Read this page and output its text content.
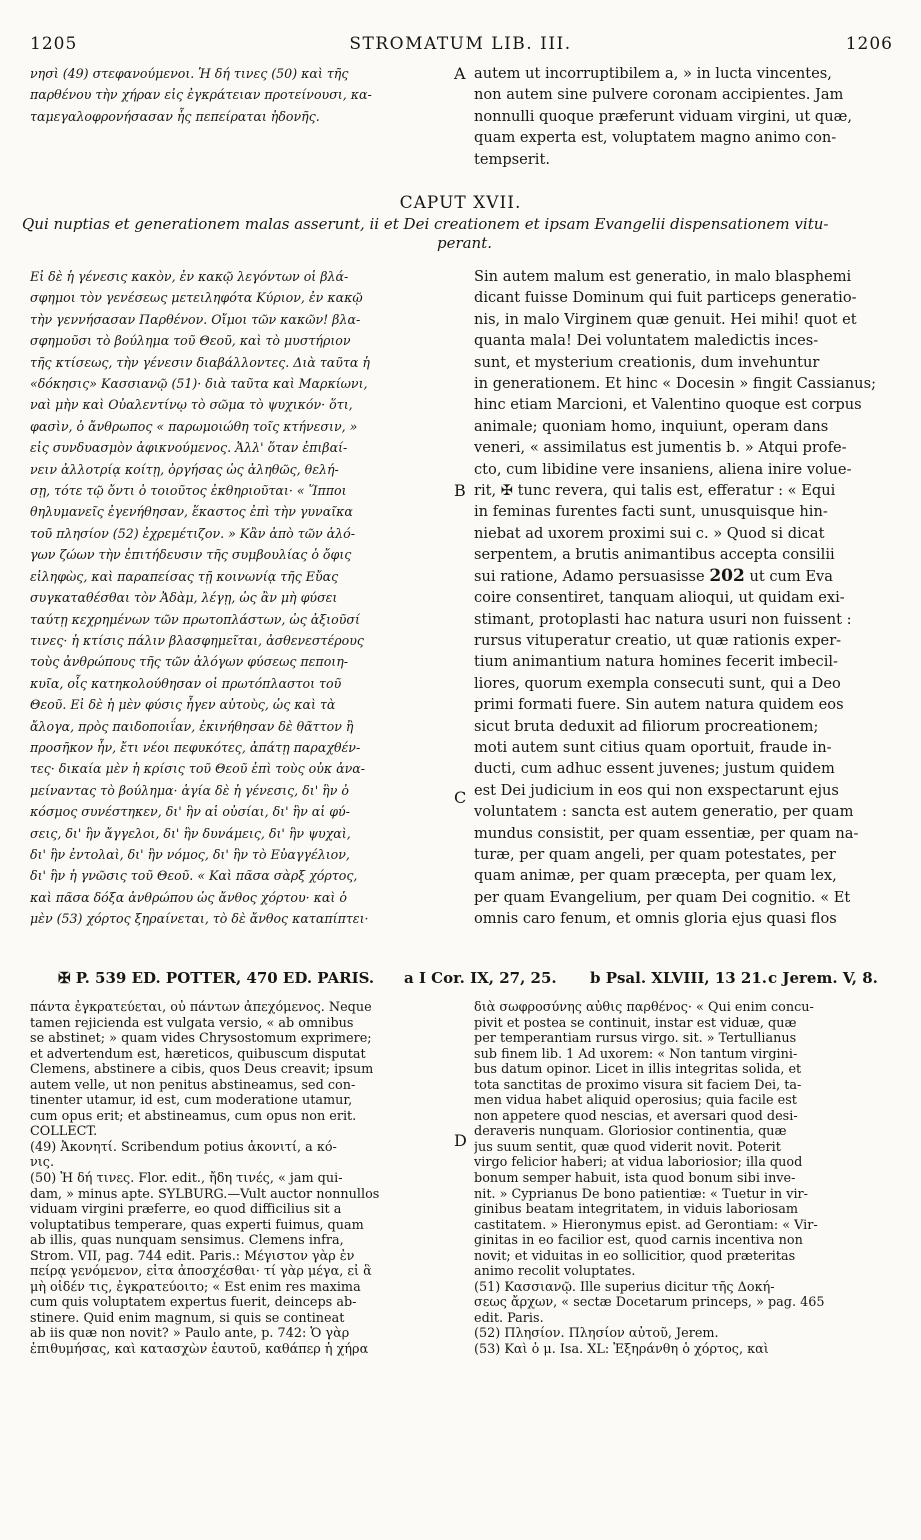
1205	STROMATUM LIB. III.	1206
νησὶ (49) στεφανούμενοι. Ἡ δή τινες (50) καὶ τῆς
παρθένου τὴν χήραν εἰς ἐγκράτειαν προτείνουσι, κα-
ταμεγαλοφρονήσασαν ἧς πεπείραται ἡδονῆς.
A autem ut incorruptibilem a, » in lucta vincentes,
non autem sine pulvere coronam accipientes. Jam
nonnulli quoque præferunt viduam virgini, ut quæ,
quam experta est, voluptatem magno animo con-
tempserit.
CAPUT XVII.
Qui nuptias et generationem malas asserunt, ii et Dei creationem et ipsam Evangelii dispensationem vitu-
perant.
Εἰ δὲ ἡ γένεσις κακὸν, ἐν κακῷ λεγόντων οἱ βλά-
σφημοι τὸν γενέσεως μετειληφότα Κύριον, ἐν κακῷ
τὴν γεννήσασαν Παρθένον. Οἴμοι τῶν κακῶν! βλα-
σφημοῦσι τὸ βούλημα τοῦ Θεοῦ, καὶ τὸ μυστήριον
τῆς κτίσεως, τὴν γένεσιν διαβάλλοντες. Διὰ ταῦτα ἡ
«δόκησις» Κασσιανῷ (51)· διὰ ταῦτα καὶ Μαρκίωνι,
ναὶ μὴν καὶ Οὐαλεντίνῳ τὸ σῶμα τὸ ψυχικόν· ὅτι,
φασὶν, ὁ ἄνθρωπος « παρωμοιώθη τοῖς κτήνεσιν, »
εἰς συνδυασμὸν ἀφικνούμενος. Ἀλλ' ὅταν ἐπιβαί-
νειν ἀλλοτρίᾳ κοίτῃ, ὀργήσας ὡς ἀληθῶς, θελή-
σῃ, τότε τῷ ὄντι ὁ τοιοῦτος ἐκθηριοῦται· « Ἵπποι
θηλυμανεῖς ἐγενήθησαν, ἕκαστος ἐπὶ τὴν γυναῖκα
τοῦ πλησίον (52) ἐχρεμέτιζον. » Κἂν ἀπὸ τῶν ἀλό-
γων ζώων τὴν ἐπιτήδευσιν τῆς συμβουλίας ὁ ὄφις
εἰληφὼς, καὶ παραπείσας τῇ κοινωνίᾳ τῆς Εὔας
συγκαταθέσθαι τὸν Ἀδὰμ, λέγῃ, ὡς ἂν μὴ φύσει
ταύτῃ κεχρημένων τῶν πρωτοπλάστων, ὡς ἀξιοῦσί
τινες· ἡ κτίσις πάλιν βλασφημεῖται, ἀσθενεστέρους
τοὺς ἀνθρώπους τῆς τῶν ἀλόγων φύσεως πεποιη-
κυῖα, οἷς κατηκολούθησαν οἱ πρωτόπλαστοι τοῦ
Θεοῦ. Εἰ δὲ ἡ μὲν φύσις ἦγεν αὐτοὺς, ὡς καὶ τὰ
ἄλογα, πρὸς παιδοποιΐαν, ἐκινήθησαν δὲ θᾶττον ἢ
προσῆκον ἦν, ἔτι νέοι πεφυκότες, ἀπάτῃ παραχθέν-
τες· δικαία μὲν ἡ κρίσις τοῦ Θεοῦ ἐπὶ τοὺς οὐκ ἀνα-
μείναντας τὸ βούλημα· ἁγία δὲ ἡ γένεσις, δι' ἣν ὁ
κόσμος συνέστηκεν, δι' ἣν αἱ οὐσίαι, δι' ἣν αἱ φύ-
σεις, δι' ἣν ἄγγελοι, δι' ἣν δυνάμεις, δι' ἣν ψυχαὶ,
δι' ἣν ἐντολαὶ, δι' ἣν νόμος, δι' ἣν τὸ Εὐαγγέλιον,
δι' ἣν ἡ γνῶσις τοῦ Θεοῦ. « Καὶ πᾶσα σὰρξ χόρτος,
καὶ πᾶσα δόξα ἀνθρώπου ὡς ἄνθος χόρτου· καὶ ὁ
μὲν (53) χόρτος ξηραίνεται, τὸ δὲ ἄνθος καταπίπτει·
B
C
Sin autem malum est generatio, in malo blasphemi
dicant fuisse Dominum qui fuit particeps generatio-
nis, in malo Virginem quæ genuit. Hei mihi! quot et
quanta mala! Dei voluntatem maledictis inces-
sunt, et mysterium creationis, dum invehuntur
in generationem. Et hinc « Docesin » fingit Cassianus;
hinc etiam Marcioni, et Valentino quoque est corpus
animale; quoniam homo, inquiunt, operam dans
veneri, « assimilatus est jumentis b. » Atqui profe-
cto, cum libidine vere insaniens, aliena inire volue-
rit, ✠ tunc revera, qui talis est, efferatur : « Equi
in feminas furentes facti sunt, unusquisque hin-
niebat ad uxorem proximi sui c. » Quod si dicat
serpentem, a brutis animantibus accepta consilii
sui ratione, Adamo persuasisse 202 ut cum Eva
coire consentiret, tanquam alioqui, ut quidam exi-
stimant, protoplasti hac natura usuri non fuissent :
rursus vituperatur creatio, ut quæ rationis exper-
tium animantium natura homines fecerit imbecil-
liores, quorum exempla consecuti sunt, qui a Deo
primi formati fuere. Sin autem natura quidem eos
sicut bruta deduxit ad filiorum procreationem;
moti autem sunt citius quam oportuit, fraude in-
ducti, cum adhuc essent juvenes; justum quidem
est Dei judicium in eos qui non exspectarunt ejus
voluntatem : sancta est autem generatio, per quam
mundus consistit, per quam essentiæ, per quam na-
turæ, per quam angeli, per quam potestates, per
quam animæ, per quam præcepta, per quam lex,
per quam Evangelium, per quam Dei cognitio. « Et
omnis caro fenum, et omnis gloria ejus quasi flos
✠ P. 539 ED. POTTER, 470 ED. PARIS. a I Cor. IX, 27, 25. b Psal. XLVIII, 13 21. c Jerem. V, 8.
πάντα ἐγκρατεύεται, οὐ πάντων ἀπεχόμενος. Neque
tamen rejicienda est vulgata versio, « ab omnibus
se abstinet; » quam vides Chrysostomum exprimere;
et advertendum est, hæreticos, quibuscum disputat
Clemens, abstinere a cibis, quos Deus creavit; ipsum
autem velle, ut non penitus abstineamus, sed con-
tinenter utamur, id est, cum moderatione utamur,
cum opus erit; et abstineamus, cum opus non erit.
COLLECT.
(49) Ἀκονητί. Scribendum potius ἀκονιτί, a κό-
νις.
(50) Ἡ δή τινες. Flor. edit., ἤδη τινές, « jam qui-
dam, » minus apte. SYLBURG.—Vult auctor nonnullos
viduam virgini præferre, eo quod difficilius sit a
voluptatibus temperare, quas experti fuimus, quam
ab illis, quas nunquam sensimus. Clemens infra,
Strom. VII, pag. 744 edit. Paris.: Μέγιστον γὰρ ἐν
πείρᾳ γενόμενον, εἶτα ἀποσχέσθαι· τί γὰρ μέγα, εἰ ἃ
μὴ οἶδέν τις, ἐγκρατεύοιτο; « Est enim res maxima
cum quis voluptatem expertus fuerit, deinceps ab-
stinere. Quid enim magnum, si quis se contineat
ab iis quæ non novit? » Paulo ante, p. 742: Ὁ γὰρ
ἐπιθυμήσας, καὶ κατασχὼν ἑαυτοῦ, καθάπερ ἡ χήρα
D
διὰ σωφροσύνης αὖθις παρθένος· « Qui enim concu-
pivit et postea se continuit, instar est viduæ, quæ
per temperantiam rursus virgo. sit. » Tertullianus
sub finem lib. 1 Ad uxorem: « Non tantum virgini-
bus datum opinor. Licet in illis integritas solida, et
tota sanctitas de proximo visura sit faciem Dei, ta-
men vidua habet aliquid operosius; quia facile est
non appetere quod nescias, et aversari quod desi-
deraveris nunquam. Gloriosior continentia, quæ
jus suum sentit, quæ quod viderit novit. Poterit
virgo felicior haberi; at vidua laboriosior; illa quod
bonum semper habuit, ista quod bonum sibi inve-
nit. » Cyprianus De bono patientiæ: « Tuetur in vir-
ginibus beatam integritatem, in viduis laboriosam
castitatem. » Hieronymus epist. ad Gerontiam: « Vir-
ginitas in eo facilior est, quod carnis incentiva non
novit; et viduitas in eo sollicitior, quod præteritas
animo recolit voluptates.
(51) Κασσιανῷ. Ille superius dicitur τῆς Δοκή-
σεως ἄρχων, « sectæ Docetarum princeps, » pag. 465
edit. Paris.
(52) Πλησίον. Πλησίον αὐτοῦ, Jerem.
(53) Καὶ ὁ μ. Isa. XL: Ἐξηράνθη ὁ χόρτος, καὶ
